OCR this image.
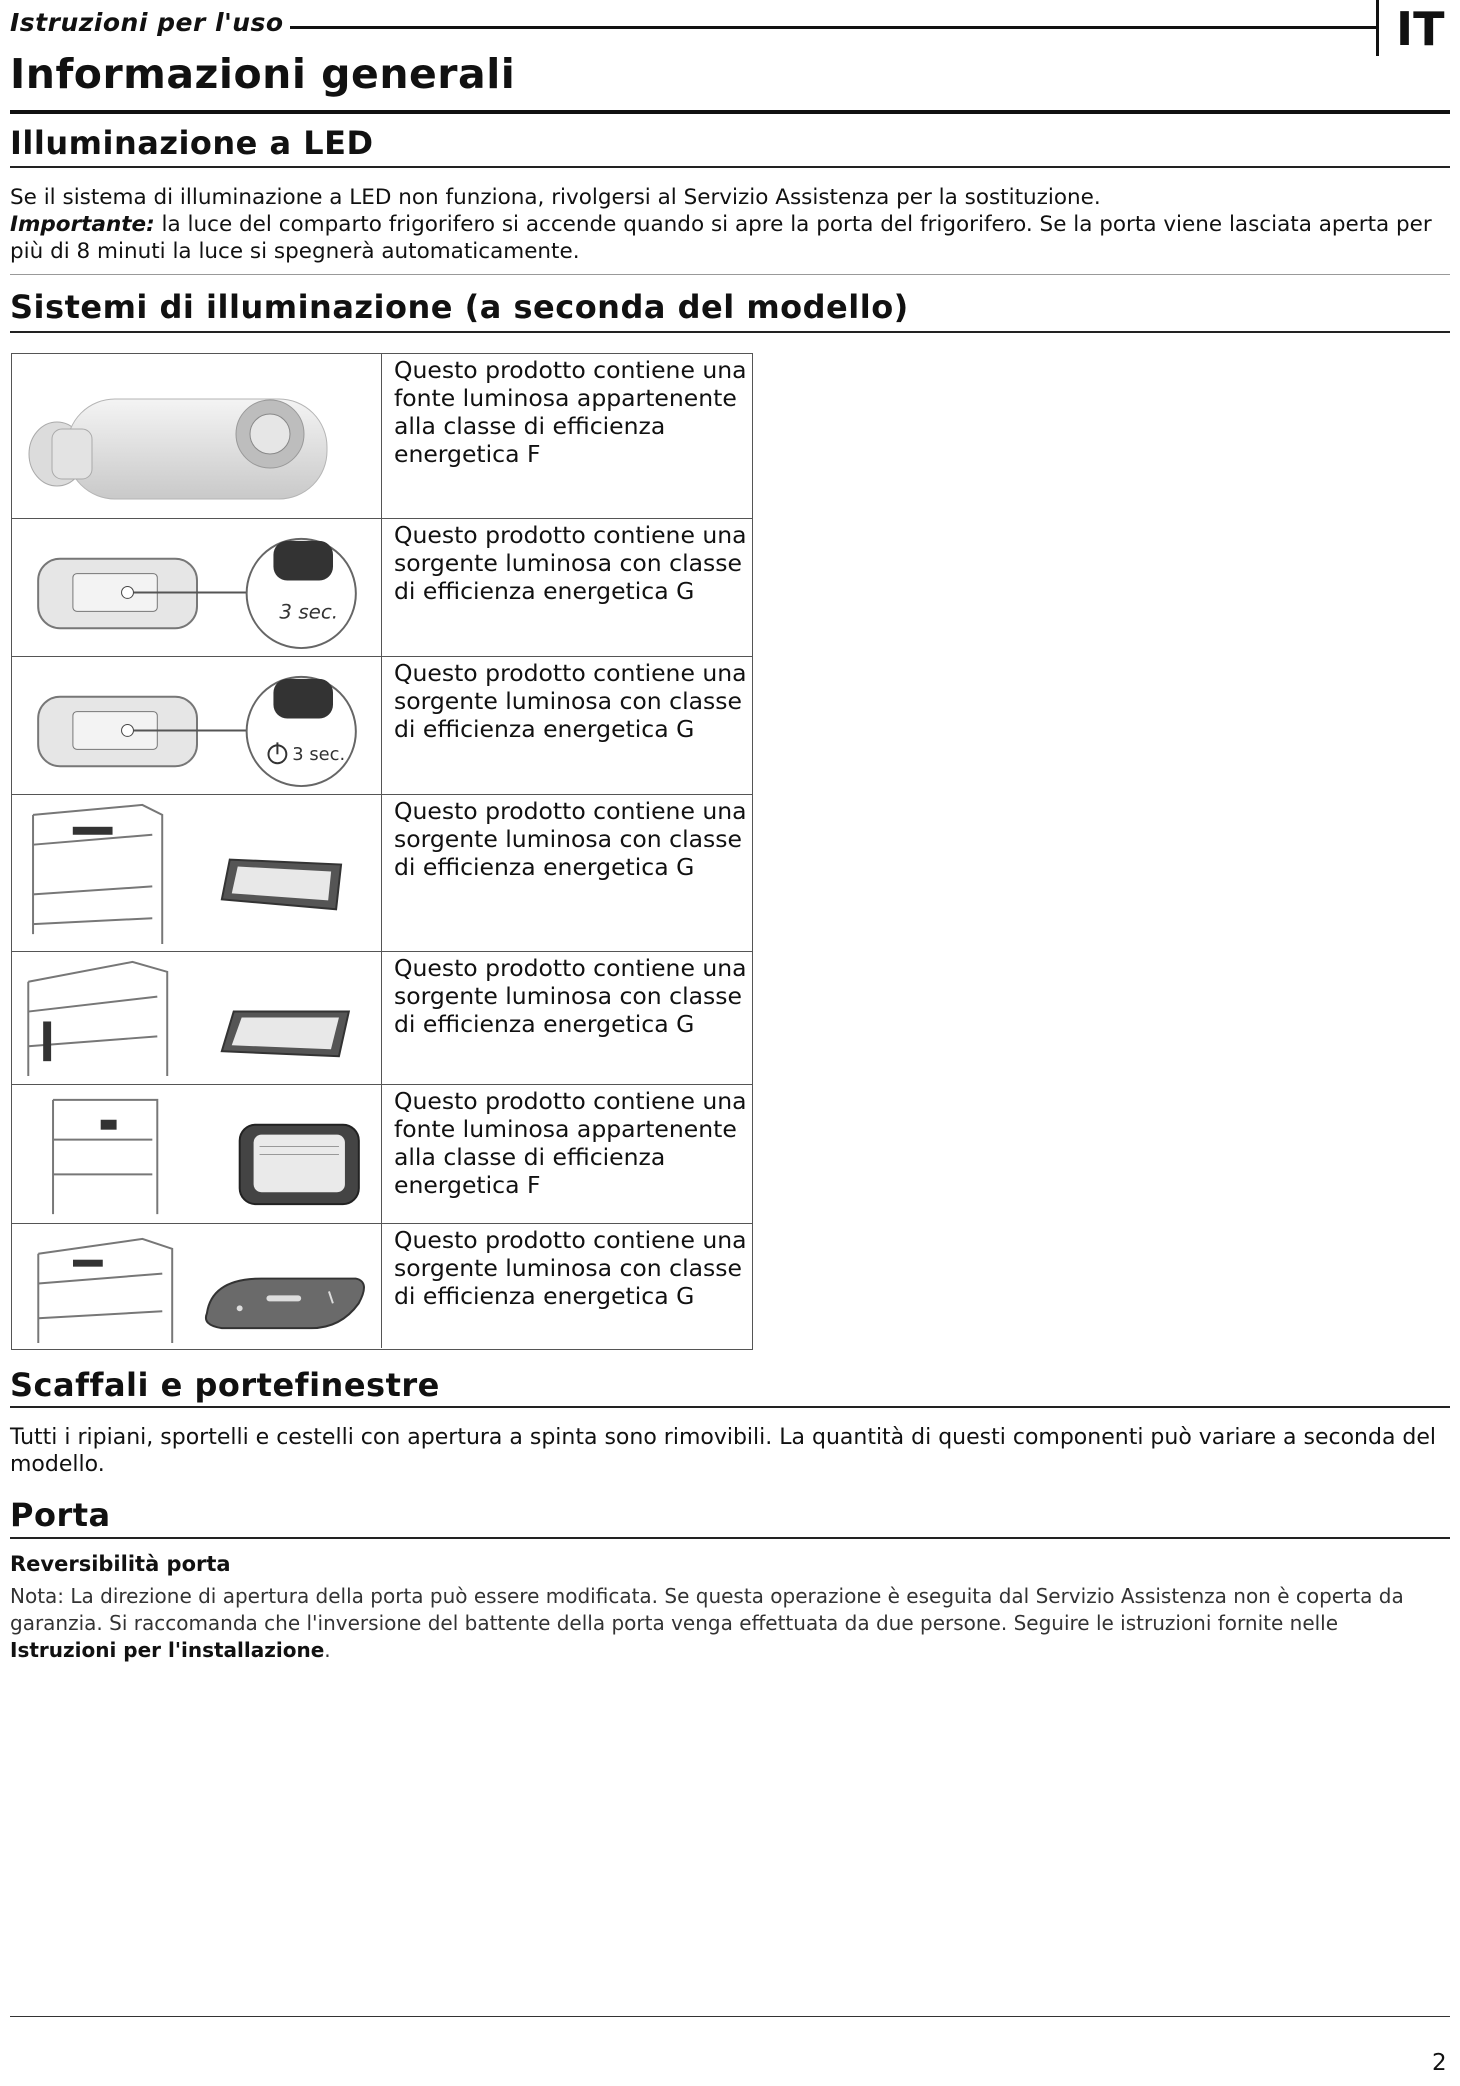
Istruzioni per l'uso	IT
Informazioni generali
Illuminazione a LED
Se il sistema di illuminazione a LED non funziona, rivolgersi al Servizio Assistenza per la sostituzione.
Importante: la luce del comparto frigorifero si accende quando si apre la porta del frigorifero. Se la porta viene lasciata aperta per più di 8 minuti la luce si spegnerà automaticamente.
Sistemi di illuminazione (a seconda del modello)
Questo prodotto contiene una fonte luminosa appartenente alla classe di efficienza energetica F
3 sec.
Questo prodotto contiene una sorgente luminosa con classe di efficienza energetica G
3 sec.
Questo prodotto contiene una sorgente luminosa con classe di efficienza energetica G
Questo prodotto contiene una sorgente luminosa con classe di efficienza energetica G
Questo prodotto contiene una sorgente luminosa con classe di efficienza energetica G
Questo prodotto contiene una fonte luminosa appartenente alla classe di efficienza energetica F
Questo prodotto contiene una sorgente luminosa con classe di efficienza energetica G
Scaffali e portefinestre
Tutti i ripiani, sportelli e cestelli con apertura a spinta sono rimovibili. La quantità di questi componenti può variare a seconda del modello.
Porta
Reversibilità porta
Nota: La direzione di apertura della porta può essere modificata. Se questa operazione è eseguita dal Servizio Assistenza non è coperta da garanzia. Si raccomanda che l'inversione del battente della porta venga effettuata da due persone. Seguire le istruzioni fornite nelle Istruzioni per l'installazione.
2
